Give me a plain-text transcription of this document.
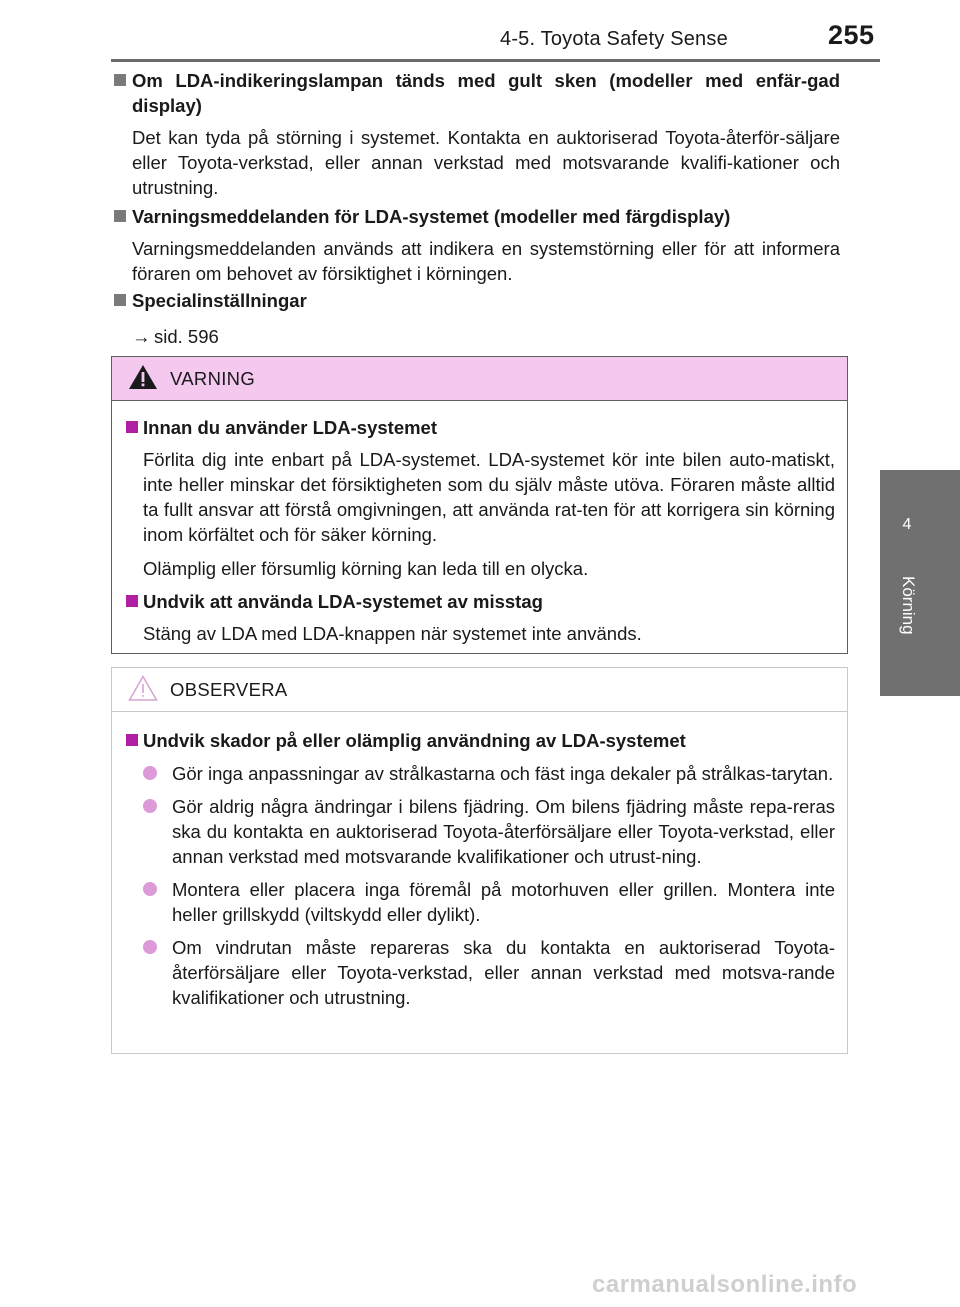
4-5. Toyota Safety Sense	255
4
Körning
Om LDA-indikeringslampan tänds med gult sken (modeller med enfär-gad display)
Det kan tyda på störning i systemet. Kontakta en auktoriserad Toyota-återför-säljare eller Toyota-verkstad, eller annan verkstad med motsvarande kvalifi-kationer och utrustning.
Varningsmeddelanden för LDA-systemet (modeller med färgdisplay)
Varningsmeddelanden används att indikera en systemstörning eller för att informera föraren om behovet av försiktighet i körningen.
Specialinställningar
→ sid. 596
VARNING
Innan du använder LDA-systemet
Förlita dig inte enbart på LDA-systemet. LDA-systemet kör inte bilen auto-matiskt, inte heller minskar det försiktigheten som du själv måste utöva. Föraren måste alltid ta fullt ansvar att förstå omgivningen, att använda rat-ten för att korrigera sin körning inom körfältet och för säker körning.
Olämplig eller försumlig körning kan leda till en olycka.
Undvik att använda LDA-systemet av misstag
Stäng av LDA med LDA-knappen när systemet inte används.
OBSERVERA
Undvik skador på eller olämplig användning av LDA-systemet
Gör inga anpassningar av strålkastarna och fäst inga dekaler på strålkas-tarytan.
Gör aldrig några ändringar i bilens fjädring. Om bilens fjädring måste repa-reras ska du kontakta en auktoriserad Toyota-återförsäljare eller Toyota-verkstad, eller annan verkstad med motsvarande kvalifikationer och utrust-ning.
Montera eller placera inga föremål på motorhuven eller grillen. Montera inte heller grillskydd (viltskydd eller dylikt).
Om vindrutan måste repareras ska du kontakta en auktoriserad Toyota-återförsäljare eller Toyota-verkstad, eller annan verkstad med motsva-rande kvalifikationer och utrustning.
carmanualsonline.info
